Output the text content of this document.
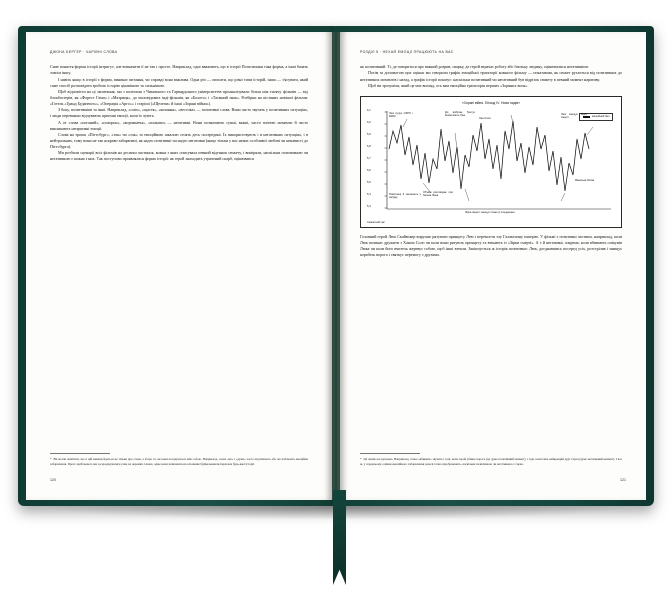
ДЖОНА БЕРГЕР · ЧАРІВНІ СЛОВА

Саме поняття форми історії інтригує, але визначити її не так і просто. Наприклад, одні вважають, що в історії Попелюшки така форма, а інші бачать зовсім іншу.

І навіть якщо в історії є форма, виникає питання, чи справді вона важлива. Одна річ — описати, що різні типи історій, інша — з'ясувати, який саме спосіб розповідати зробить історію цікавішою та сильнішою.

Щоб відповісти на ці запитання, ми з колегами з Чиказького та Гарвардського університетів проаналізували більш ніж тисячу фільмів — від блокбастерів, як «Форест Гамп» і «Матриця», до маловідомих інді-фільмів, як «Болото» і «Таємний знак». Розбірки на кістяних новішої фільми: «Готель «Гранд Будапешт»», «Операція «Арго»» і старіші («Щелепи» й інші «Зоряні війни»).

З боку, позитивніші за інші. Наприклад, «смix», «щастя», «кохання», «веселка» — позитивні слова. Вони часто звучать у позитивних ситуаціях, і люди переважно відчувають приємні емоції, коли їх чують.

А от слова «поганий», «похорон», «ворожнеча», «плакати» — негативні. Вони позначають сумні, важкі, часто гнітючі моменти й часто викликають неприємні емоції.

Слова на зразок «Піттсбург», «так» чи «так» за емоційною шкалою стоять десь посередині. Їх використовують і в негативних ситуаціях, і в нейтральних, тому вони не так яскраво забарвлені, як надто позитивні чи надто негативні (якщо тільки у вас немає особливої любові чи ненависті до Піттсбурга).

Ми розбили сценарії всіх фільмів на десятки частинок, кожна з яких описувала певний відтинок сюжету, і виміряли, наскільки позитивною чи негативною є кожна з них. Так поступово проявлялася форма історії: як герой знаходить утрачений скарб, оцінювався

* Ви могли помітити, що в цій книжці йдеться не тільки про слова, а й про те, як вони поєднуються між собою. Наприклад, слова «не» і «дуже» часто підсилюють або послаблюють емоційне забарвлення. Проте здебільшого ми зосереджувалися саме на окремих словах, адже вони залишаються основним будівельним матеріалом будь-якої історії.
120
РОЗДІЛ 5 · НЕХАЙ ЕМОЦІЇ ПРАЦЮЮТЬ НА ВАС

як позитивний. Ті, де говориться про важкий розрив, сварку, де герой втрачає роботу або близьку людину, оцінювалися негативніше.

Потім за допомогою цих оцінок ми створили графік емоційної траєкторії кожного фільму — показавши, як сюжет рухається від позитивних до негативних моментів і назад, а графік історії показує: наскільки позитивний чи негативний був відрізок сюжету в певний момент наративу.

Щоб ви зрозуміли, який це має вигляд, ось вам емоційна траєкторія перших «Зоряних воєн».

«Зоряні війни. Епізод IV. Нова надія»
6,1
6,0
5,9
5,8
5,7
5,6
5,5
5,4
5,3
емоційний бал
Люк купує СЗРО і R2D2
До вибухає бунтує визволяють Лею
Хан Соло
Люк знищує Зірку смерті
Об'єви розповідає про батька Люка
Зірка смерті знищує планету Альдераан
Фінальна битва
Повстанці й загинають у засідку
Сюжетний час

Головний герой Люк Скайвокер вирушає рятувати принцесу Лею і перемогти злу Галактичну імперію. У фільмі є позитивні частини, наприклад, коли Люк починає дружити з Ханом Соло чи коли вони рятують принцесу та втікають із «Зірки смерті». А є й негативні, зокрема, коли вбивають опікунів Люка чи коли його вчитель жертвує собою, щоб інші втекли. Закінчується ж історія позитивно: Люк, доєднавшись посеред усіх, розстріляв і знищує корабель ворога і святкує перемогу з друзями.

* Це оцінка не ідеальна. Наприклад, слово «вбивати» звучить і тоді, коли герой убиває ворога (це дуже позитивний момент), і тоді, коли гине найкращий друг героя (дуже негативний момент). І все ж, у середньому, оцінки емоційного забарвлення доволі точно відображають, наскільки позитивною чи негативною є сцена.
121
